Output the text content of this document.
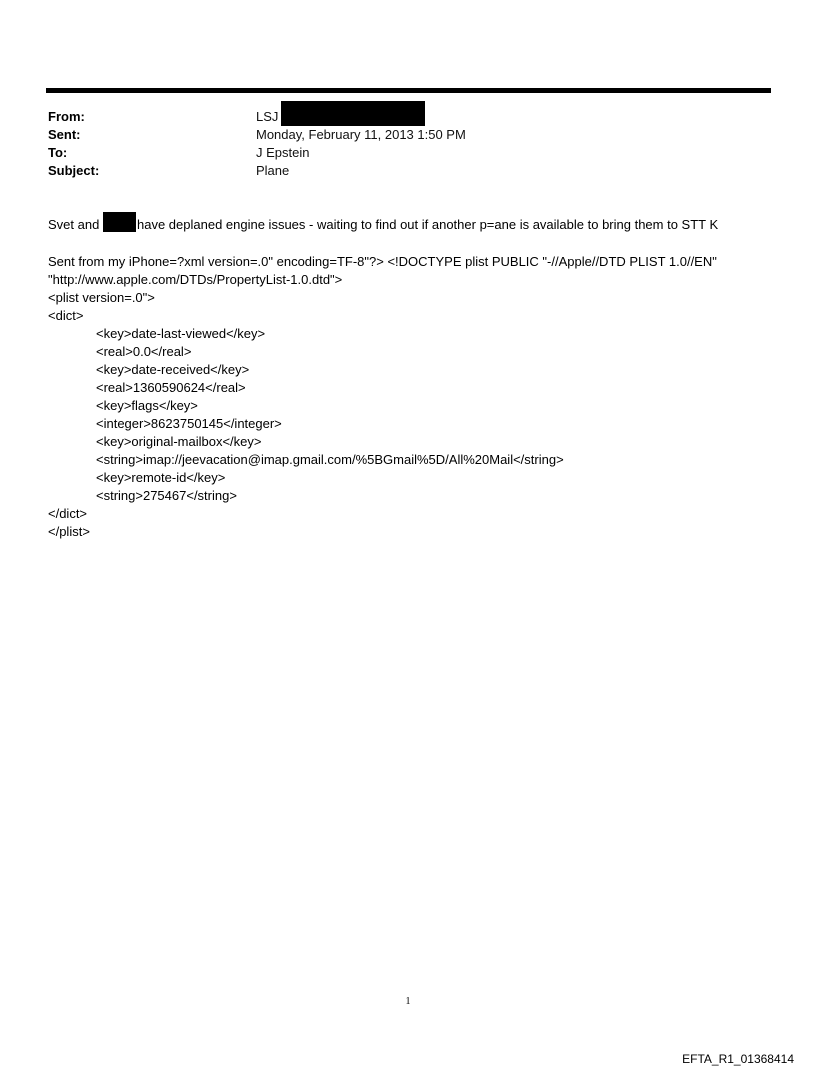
From:	LSJ
Sent:	Monday, February 11, 2013 1:50 PM
To:	J Epstein
Subject:	Plane
Svet and	have deplaned engine issues - waiting to find out if another p=ane is available to bring them to STT K
Sent from my iPhone=?xml version=.0" encoding=TF-8"?> <!DOCTYPE plist PUBLIC "-//Apple//DTD PLIST 1.0//EN"
"http://www.apple.com/DTDs/PropertyList-1.0.dtd">
<plist version=.0">
<dict>
<key>date-last-viewed</key>
<real>0.0</real>
<key>date-received</key>
<real>1360590624</real>
<key>flags</key>
<integer>8623750145</integer>
<key>original-mailbox</key>
<string>imap://jeevacation@imap.gmail.com/%5BGmail%5D/All%20Mail</string>
<key>remote-id</key>
<string>275467</string>
</dict>
</plist>
1
EFTA_R1_01368414
